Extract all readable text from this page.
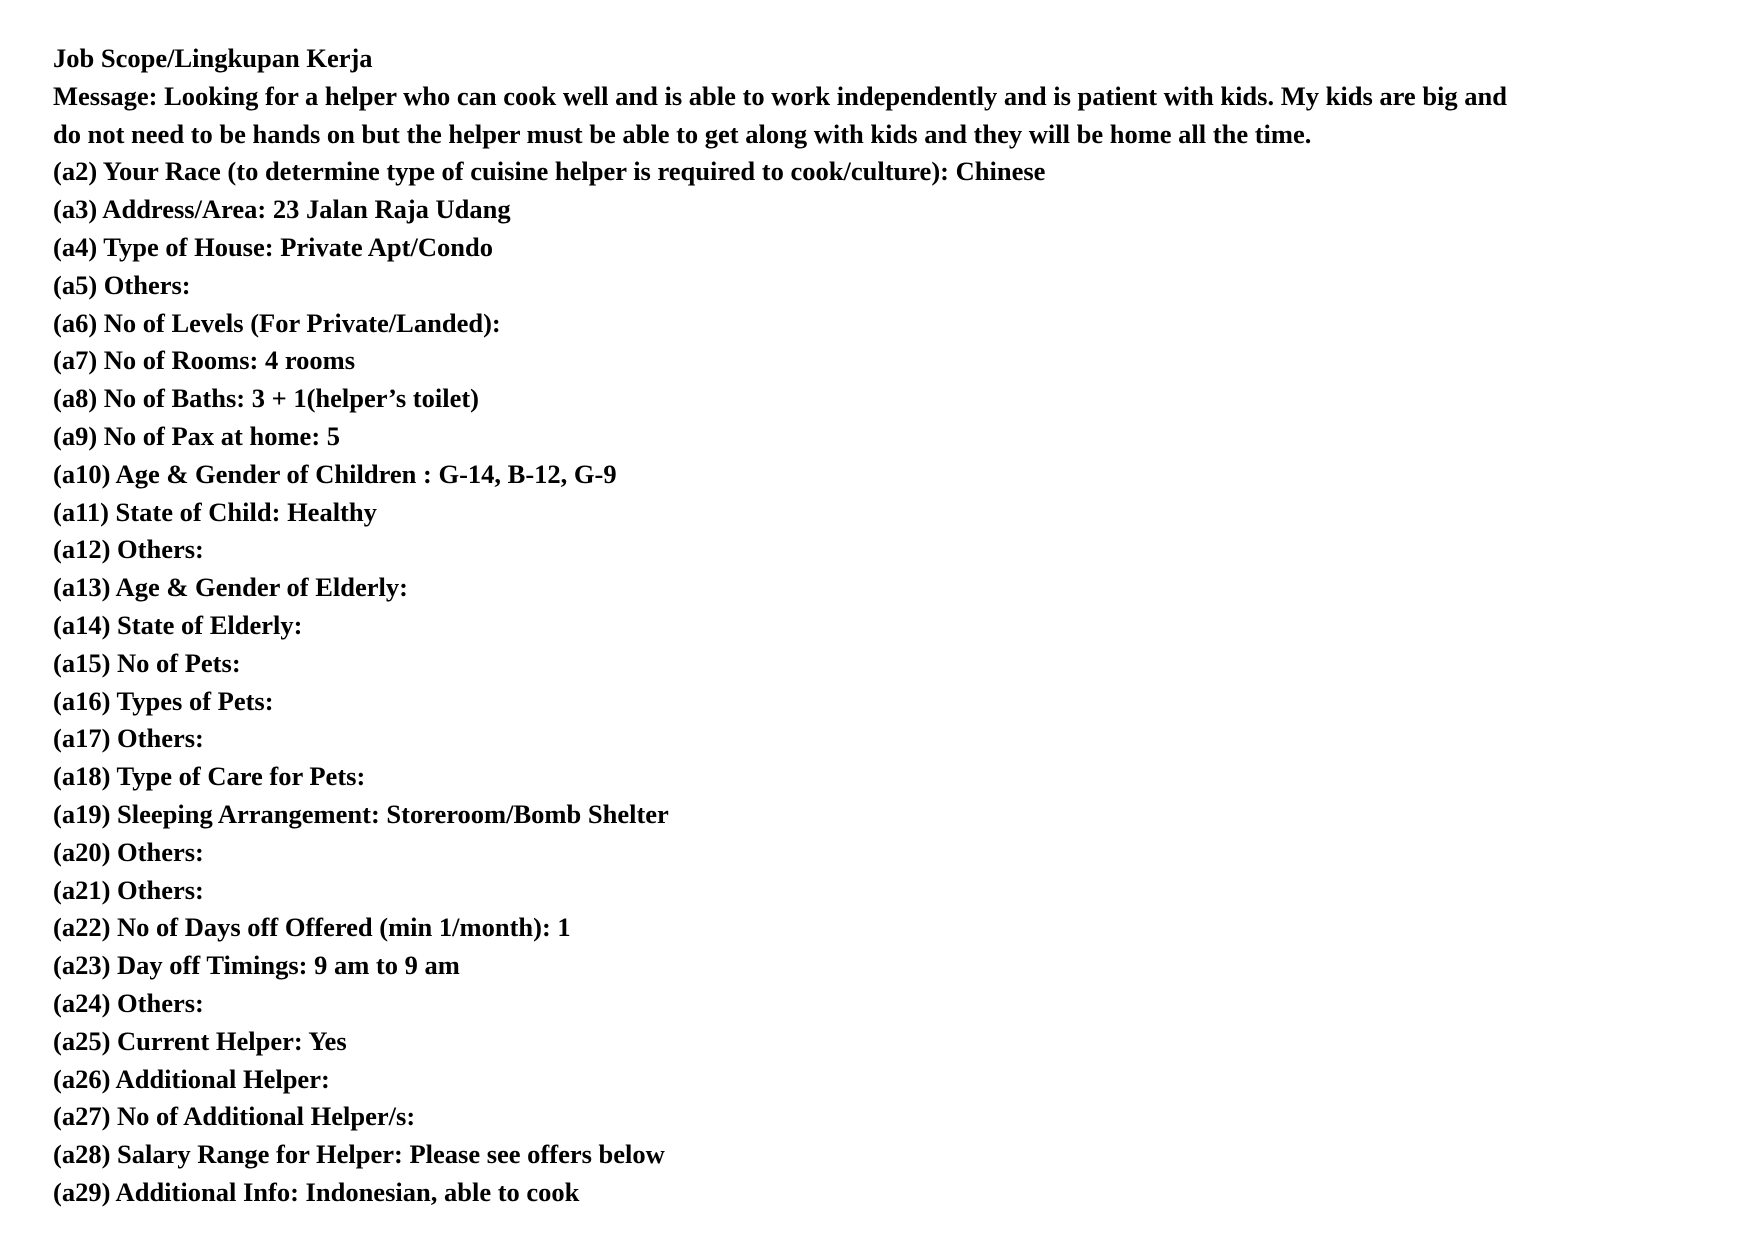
Job Scope/Lingkupan Kerja
Message: Looking for a helper who can cook well and is able to work independently and is patient with kids. My kids are big and
do not need to be hands on but the helper must be able to get along with kids and they will be home all the time.
(a2) Your Race (to determine type of cuisine helper is required to cook/culture): Chinese
(a3) Address/Area: 23 Jalan Raja Udang
(a4) Type of House: Private Apt/Condo
(a5) Others:
(a6) No of Levels (For Private/Landed):
(a7) No of Rooms: 4 rooms
(a8) No of Baths: 3 + 1(helper’s toilet)
(a9) No of Pax at home: 5
(a10) Age & Gender of Children : G-14, B-12, G-9
(a11) State of Child: Healthy
(a12) Others:
(a13) Age & Gender of Elderly:
(a14) State of Elderly:
(a15) No of Pets:
(a16) Types of Pets:
(a17) Others:
(a18) Type of Care for Pets:
(a19) Sleeping Arrangement: Storeroom/Bomb Shelter
(a20) Others:
(a21) Others:
(a22) No of Days off Offered (min 1/month): 1
(a23) Day off Timings: 9 am to 9 am
(a24) Others:
(a25) Current Helper: Yes
(a26) Additional Helper:
(a27) No of Additional Helper/s:
(a28) Salary Range for Helper: Please see offers below
(a29) Additional Info: Indonesian, able to cook
